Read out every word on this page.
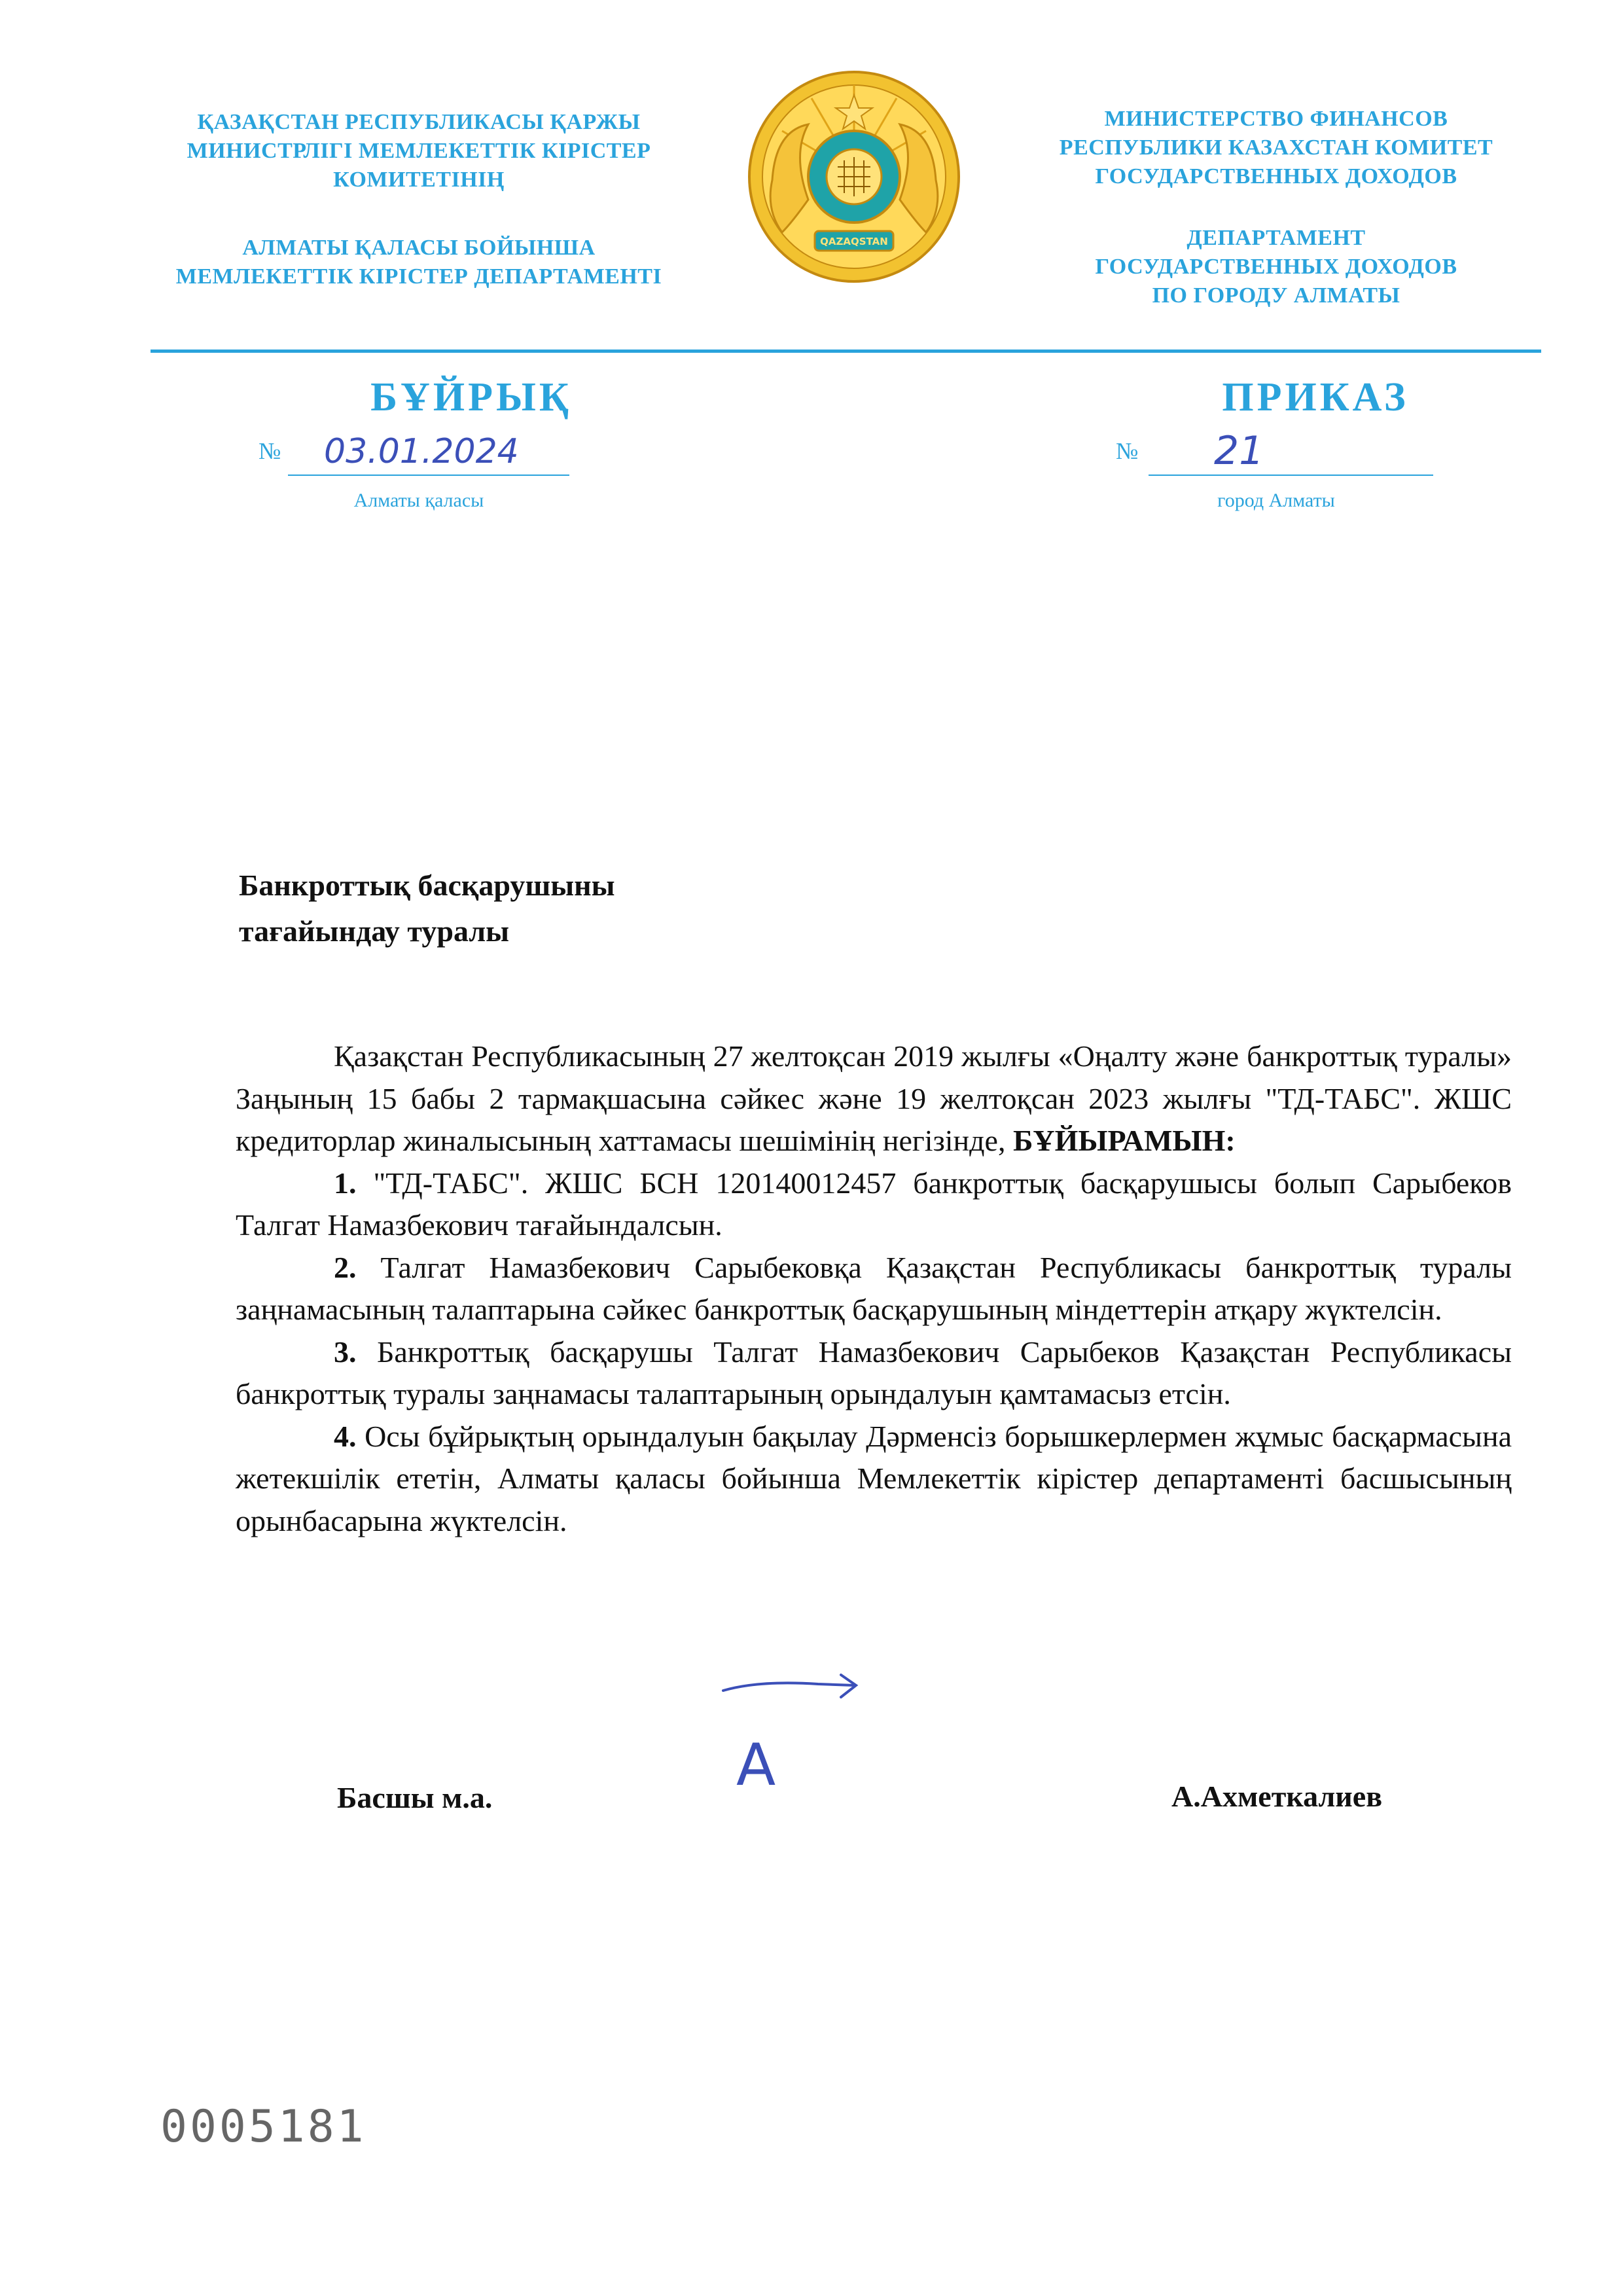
ҚАЗАҚСТАН РЕСПУБЛИКАСЫ ҚАРЖЫ
МИНИСТРЛІГІ МЕМЛЕКЕТТІК КІРІСТЕР
КОМИТЕТІНІҢ
АЛМАТЫ ҚАЛАСЫ БОЙЫНША
МЕМЛЕКЕТТІК КІРІСТЕР ДЕПАРТАМЕНТІ
QAZAQSTAN
МИНИСТЕРСТВО ФИНАНСОВ
РЕСПУБЛИКИ КАЗАХСТАН КОМИТЕТ
ГОСУДАРСТВЕННЫХ ДОХОДОВ
ДЕПАРТАМЕНТ
ГОСУДАРСТВЕННЫХ ДОХОДОВ
ПО ГОРОДУ АЛМАТЫ
БҰЙРЫҚ	ПРИКАЗ
№ 03.01.2024
Алматы қаласы
№ 21
город Алматы
Банкроттық басқарушыны
тағайындау туралы

Қазақстан Республикасының 27 желтоқсан 2019 жылғы «Оңалту және банкроттық туралы» Заңының 15 бабы 2 тармақшасына сәйкес және 19 желтоқсан 2023 жылғы "ТД-ТАБС". ЖШС кредиторлар жиналысының хаттамасы шешімінің негізінде, БҰЙЫРАМЫН:

1. "ТД-ТАБС". ЖШС БСН 120140012457 банкроттық басқарушысы болып Сарыбеков Талгат Намазбекович тағайындалсын.

2. Талгат Намазбекович Сарыбековқа Қазақстан Республикасы банкроттық туралы заңнамасының талаптарына сәйкес банкроттық басқарушының міндеттерін атқару жүктелсін.

3. Банкроттық басқарушы Талгат Намазбекович Сарыбеков Қазақстан Республикасы банкроттық туралы заңнамасы талаптарының орындалуын қамтамасыз етсін.

4. Осы бұйрықтың орындалуын бақылау Дәрменсіз борышкерлермен жұмыс басқармасына жетекшілік ететін, Алматы қаласы бойынша Мемлекеттік кірістер департаменті басшысының орынбасарына жүктелсін.

А
Басшы м.а.	А.Ахметкалиев
0005181
